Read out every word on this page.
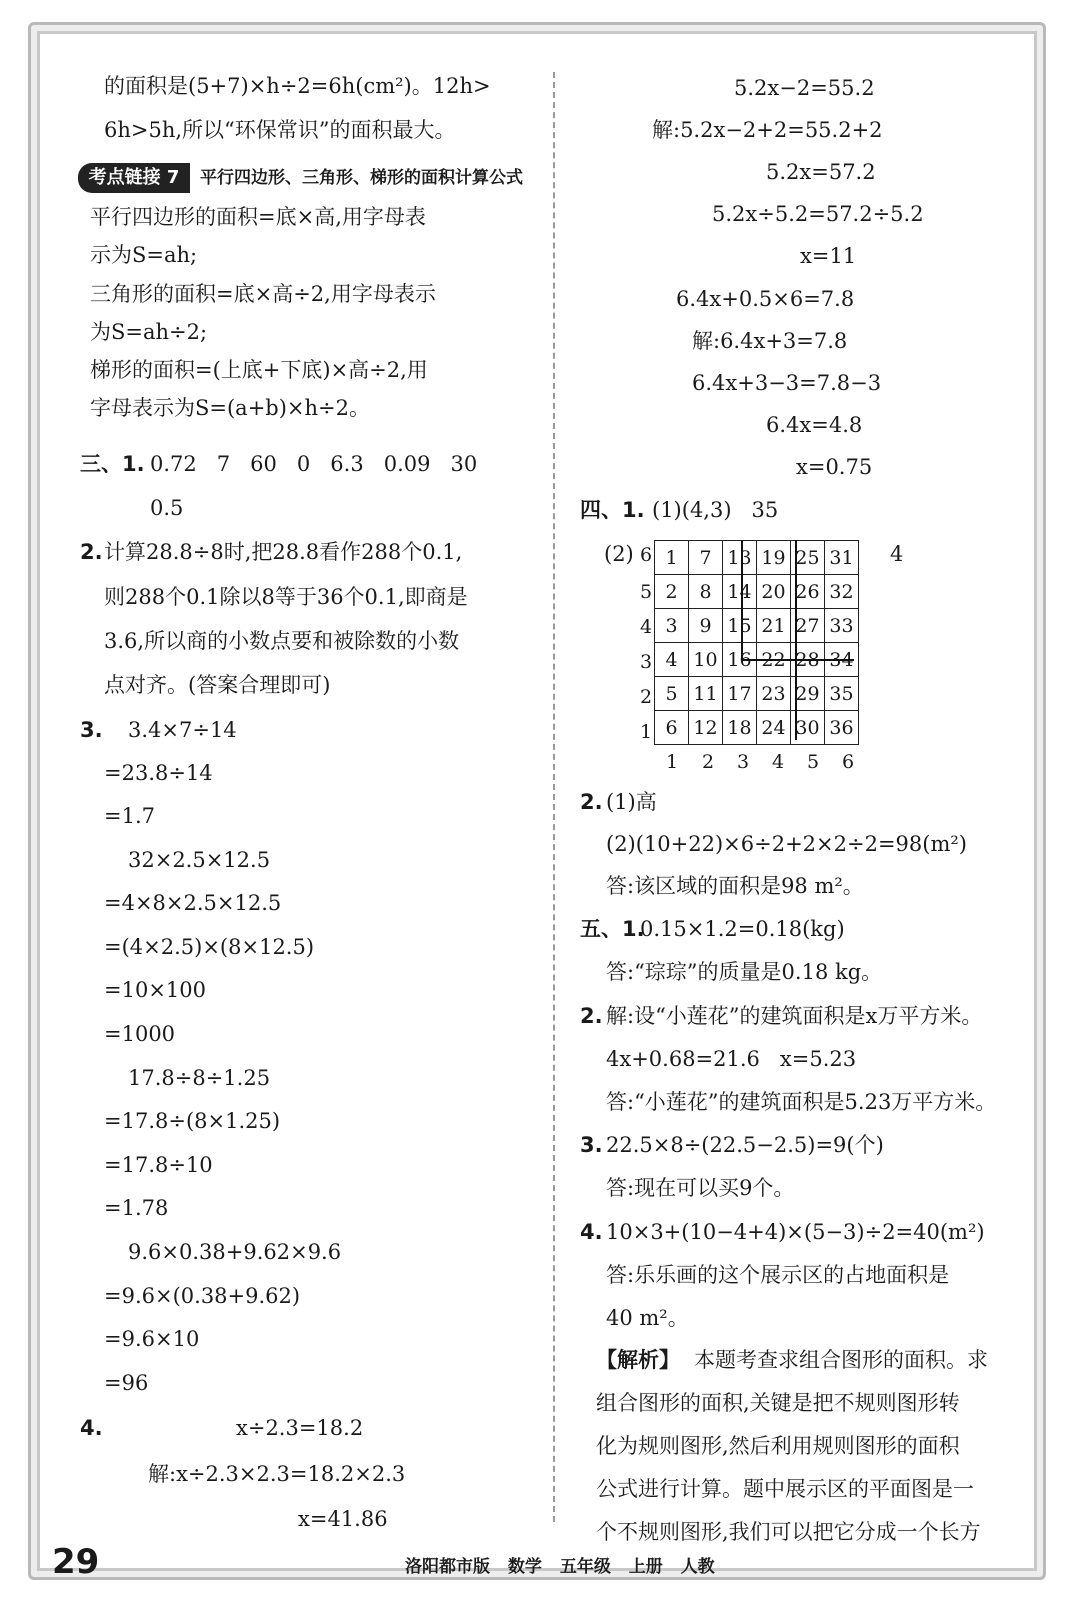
的面积是(5+7)×h÷2=6h(cm²)。12h>
6h>5h,所以“环保常识”的面积最大。
考点链接 7	平行四边形、三角形、梯形的面积计算公式
平行四边形的面积=底×高,用字母表
示为S=ah;
三角形的面积=底×高÷2,用字母表示
为S=ah÷2;
梯形的面积=(上底+下底)×高÷2,用
字母表示为S=(a+b)×h÷2。
三、1. 0.72   7   60   0   6.3   0.09   30
0.5
2. 计算28.8÷8时,把28.8看作288个0.1,
则288个0.1除以8等于36个0.1,即商是
3.6,所以商的小数点要和被除数的小数
点对齐。(答案合理即可)
3. 3.4×7÷14
=23.8÷14
=1.7
32×2.5×12.5
=4×8×2.5×12.5
=(4×2.5)×(8×12.5)
=10×100
=1000
17.8÷8÷1.25
=17.8÷(8×1.25)
=17.8÷10
=1.78
9.6×0.38+9.62×9.6
=9.6×(0.38+9.62)
=9.6×10
=96
4.	x÷2.3=18.2
解:x÷2.3×2.3=18.2×2.3
x=41.86
5.2x−2=55.2
解:5.2x−2+2=55.2+2
5.2x=57.2
5.2x÷5.2=57.2÷5.2
x=11
6.4x+0.5×6=7.8
解:6.4x+3=7.8
6.4x+3−3=7.8−3
6.4x=4.8
x=0.75
四、1. (1)(4,3)   35
(2)	4
6
5
4
3
2
1
1	7	13	19	25	31
2	8	14	20	26	32
3	9	15	21	27	33
4	10	16	22	28	34
5	11	17	23	29	35
6	12	18	24	30	36
1 2 3 4 5 6
2. (1)高
(2)(10+22)×6÷2+2×2÷2=98(m²)
答:该区域的面积是98 m²。
五、1.
0.15×1.2=0.18(kg)
答:“琮琮”的质量是0.18 kg。
2. 解:设“小莲花”的建筑面积是x万平方米。
4x+0.68=21.6   x=5.23
答:“小莲花”的建筑面积是5.23万平方米。
3. 22.5×8÷(22.5−2.5)=9(个)
答:现在可以买9个。
4. 10×3+(10−4+4)×(5−3)÷2=40(m²)
答:乐乐画的这个展示区的占地面积是
40 m²。
【解析】 本题考查求组合图形的面积。求
组合图形的面积,关键是把不规则图形转
化为规则图形,然后利用规则图形的面积
公式进行计算。题中展示区的平面图是一
个不规则图形,我们可以把它分成一个长方
29	洛阳都市版 数学 五年级 上册 人教
